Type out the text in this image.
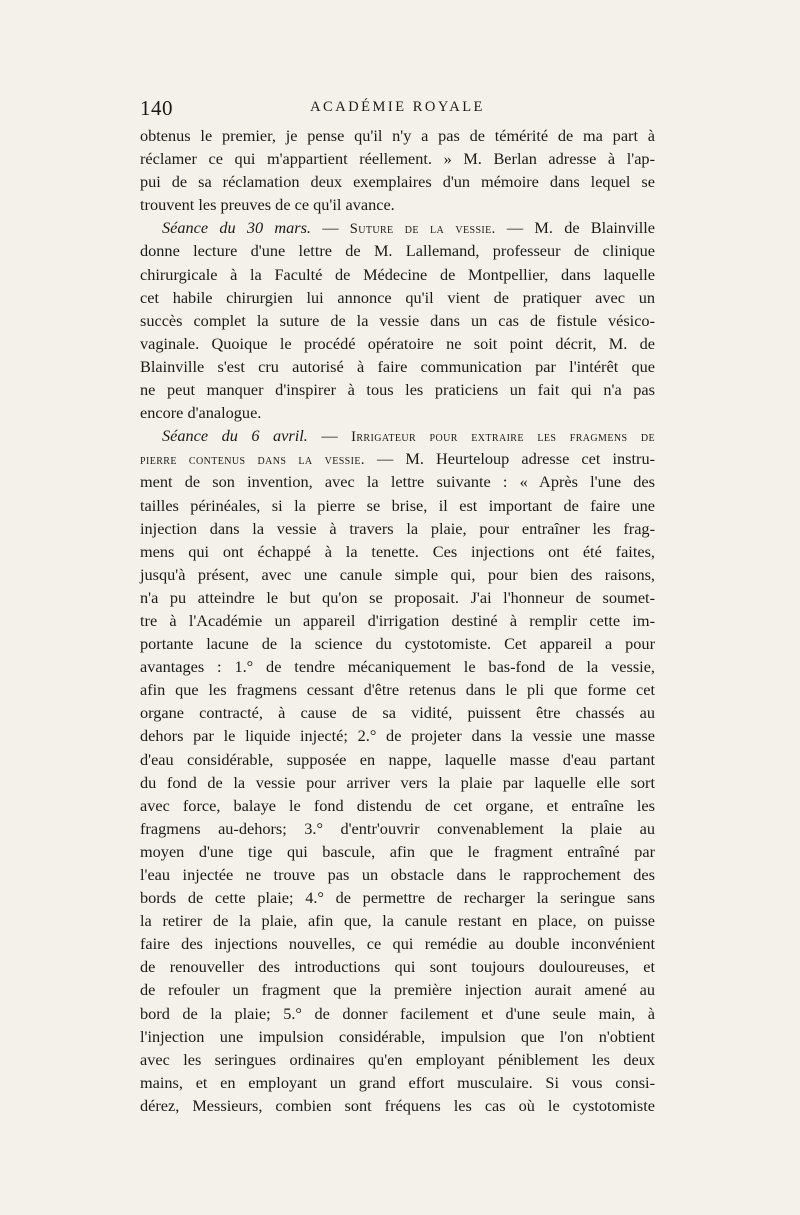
140	ACADÉMIE ROYALE
obtenus le premier, je pense qu'il n'y a pas de témérité de ma part à
réclamer ce qui m'appartient réellement. » M. Berlan adresse à l'ap-
pui de sa réclamation deux exemplaires d'un mémoire dans lequel se
trouvent les preuves de ce qu'il avance.
Séance du 30 mars. — Suture de la vessie. — M. de Blainville
donne lecture d'une lettre de M. Lallemand, professeur de clinique
chirurgicale à la Faculté de Médecine de Montpellier, dans laquelle
cet habile chirurgien lui annonce qu'il vient de pratiquer avec un
succès complet la suture de la vessie dans un cas de fistule vésico-
vaginale. Quoique le procédé opératoire ne soit point décrit, M. de
Blainville s'est cru autorisé à faire communication par l'intérêt que
ne peut manquer d'inspirer à tous les praticiens un fait qui n'a pas
encore d'analogue.
Séance du 6 avril. — Irrigateur pour extraire les fragmens de
pierre contenus dans la vessie. — M. Heurteloup adresse cet instru-
ment de son invention, avec la lettre suivante : « Après l'une des
tailles périnéales, si la pierre se brise, il est important de faire une
injection dans la vessie à travers la plaie, pour entraîner les frag-
mens qui ont échappé à la tenette. Ces injections ont été faites,
jusqu'à présent, avec une canule simple qui, pour bien des raisons,
n'a pu atteindre le but qu'on se proposait. J'ai l'honneur de soumet-
tre à l'Académie un appareil d'irrigation destiné à remplir cette im-
portante lacune de la science du cystotomiste. Cet appareil a pour
avantages : 1.° de tendre mécaniquement le bas-fond de la vessie,
afin que les fragmens cessant d'être retenus dans le pli que forme cet
organe contracté, à cause de sa vidité, puissent être chassés au
dehors par le liquide injecté; 2.° de projeter dans la vessie une masse
d'eau considérable, supposée en nappe, laquelle masse d'eau partant
du fond de la vessie pour arriver vers la plaie par laquelle elle sort
avec force, balaye le fond distendu de cet organe, et entraîne les
fragmens au-dehors; 3.° d'entr'ouvrir convenablement la plaie au
moyen d'une tige qui bascule, afin que le fragment entraîné par
l'eau injectée ne trouve pas un obstacle dans le rapprochement des
bords de cette plaie; 4.° de permettre de recharger la seringue sans
la retirer de la plaie, afin que, la canule restant en place, on puisse
faire des injections nouvelles, ce qui remédie au double inconvénient
de renouveller des introductions qui sont toujours douloureuses, et
de refouler un fragment que la première injection aurait amené au
bord de la plaie; 5.° de donner facilement et d'une seule main, à
l'injection une impulsion considérable, impulsion que l'on n'obtient
avec les seringues ordinaires qu'en employant péniblement les deux
mains, et en employant un grand effort musculaire. Si vous consi-
dérez, Messieurs, combien sont fréquens les cas où le cystotomiste
